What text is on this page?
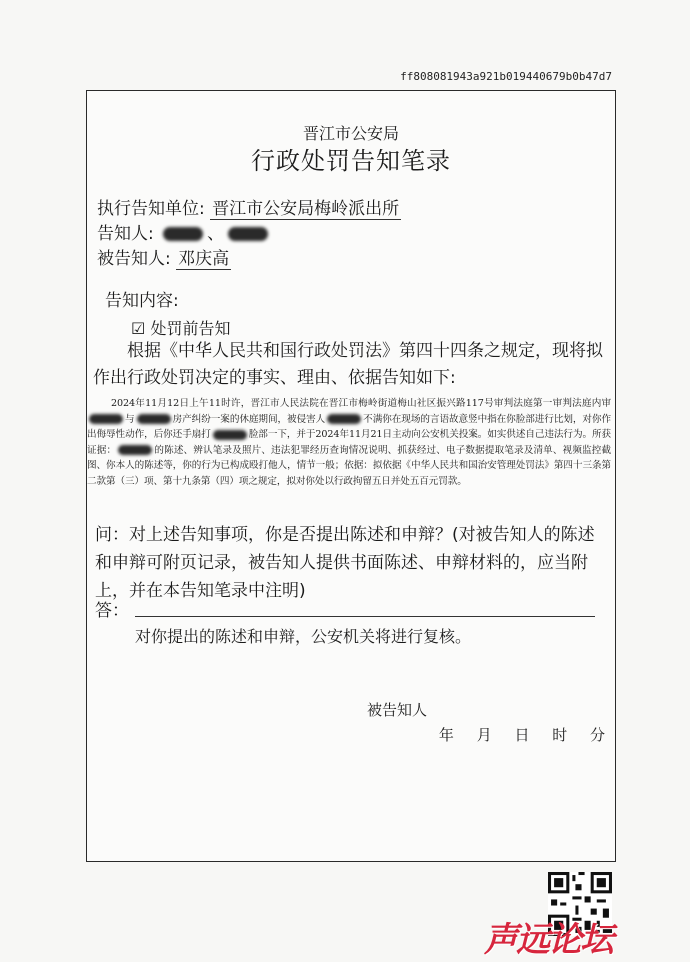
ff808081943a921b019440679b0b47d7
晋江市公安局
行政处罚告知笔录
执行告知单位: 晋江市公安局梅岭派出所
告知人:	、
被告知人: 邓庆高
告知内容:
☑ 处罚前告知
根据《中华人民共和国行政处罚法》第四十四条之规定，现将拟作出行政处罚决定的事实、理由、依据告知如下:
2024年11月12日上午11时许，晋江市人民法院在晋江市梅岭街道梅山社区振兴路117号审判法庭第一审判法庭内审与	房产纠纷一案的休庭期间，被侵害人	不满你在现场的言语故意竖中指在你脸部进行比划，对你作出侮辱性动作，后你还手扇打	脸部一下，并于2024年11月21日主动向公安机关投案。如实供述自己违法行为。所获证据：	的陈述、辨认笔录及照片、违法犯罪经历查询情况说明、抓获经过、电子数据提取笔录及清单、视频监控截图、你本人的陈述等，你的行为已构成殴打他人，情节一般；依据：拟依据《中华人民共和国治安管理处罚法》第四十三条第二款第（三）项、第十九条第（四）项之规定，拟对你处以行政拘留五日并处五百元罚款。
问：对上述告知事项，你是否提出陈述和申辩？(对被告知人的陈述和申辩可附页记录，被告知人提供书面陈述、申辩材料的，应当附上，并在本告知笔录中注明)
答：
对你提出的陈述和申辩，公安机关将进行复核。
被告知人
年 月 日 时 分
声远论坛
